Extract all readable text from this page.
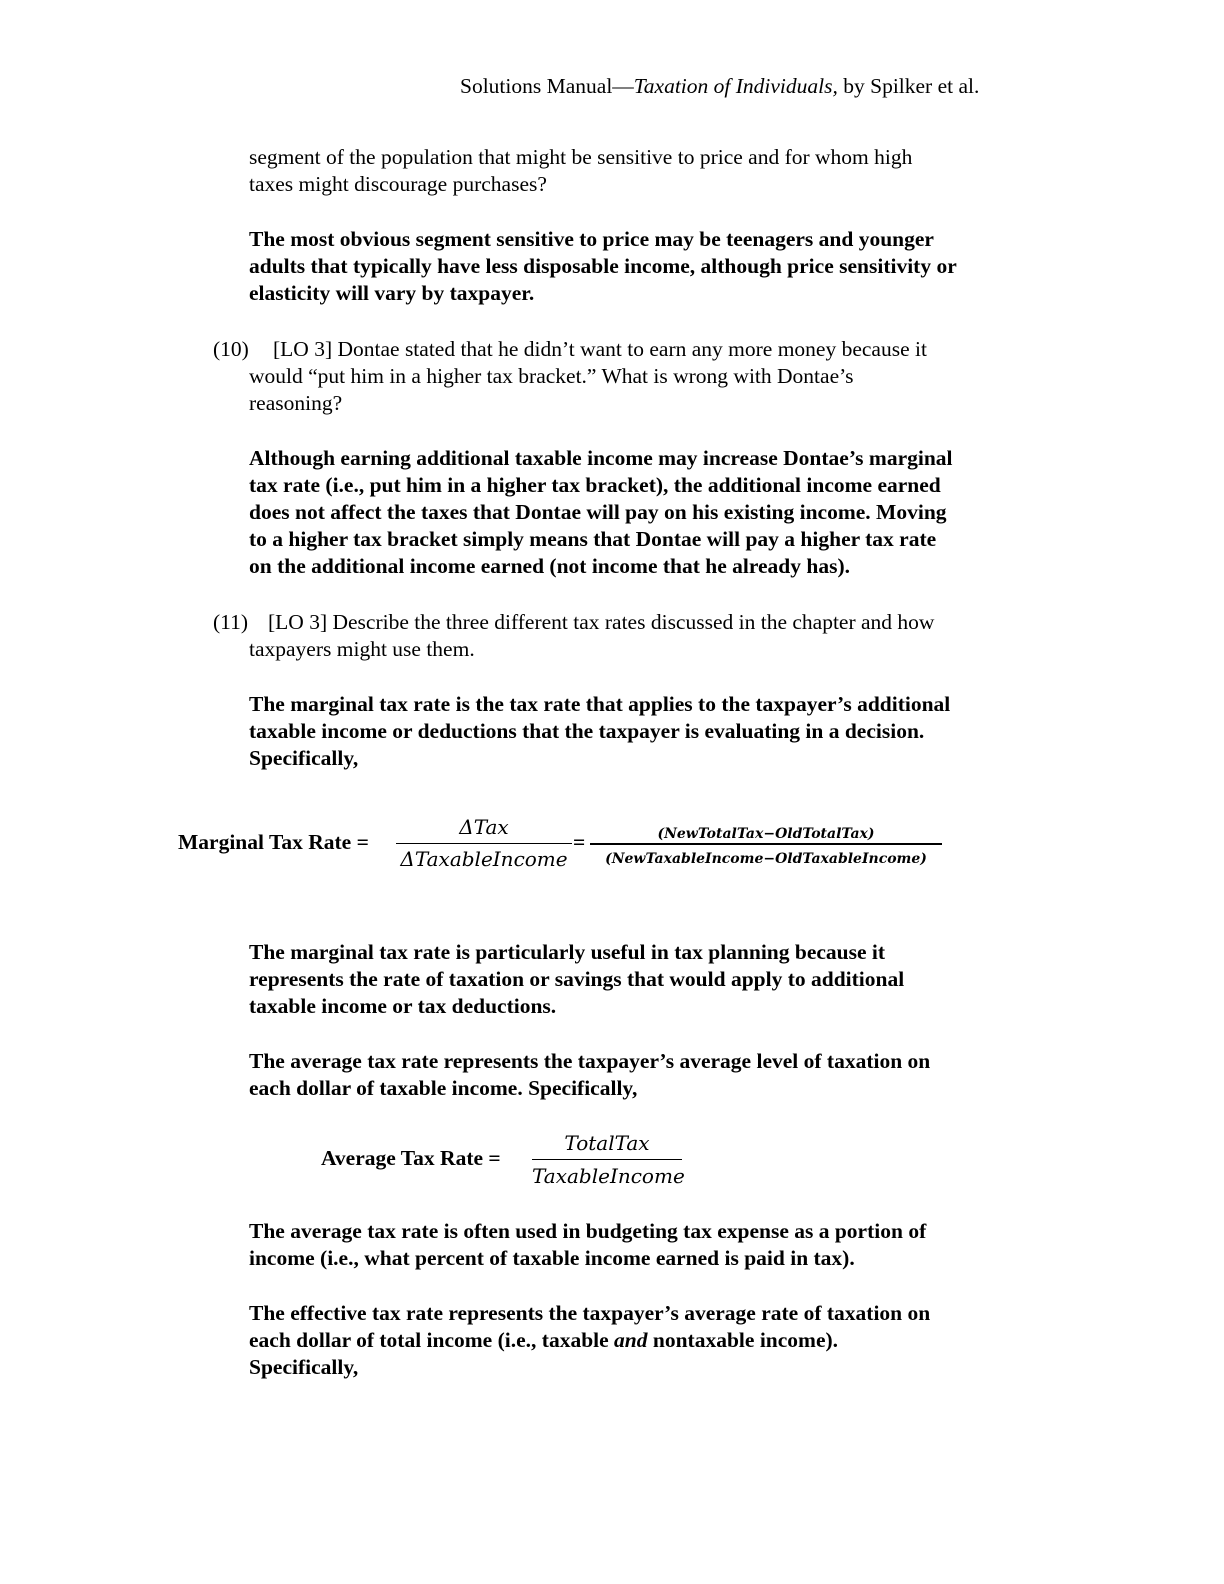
Solutions Manual—Taxation of Individuals, by Spilker et al.
segment of the population that might be sensitive to price and for whom high
taxes might discourage purchases?
The most obvious segment sensitive to price may be teenagers and younger
adults that typically have less disposable income, although price sensitivity or
elasticity will vary by taxpayer.
(10) [LO 3] Dontae stated that he didn’t want to earn any more money because it
would “put him in a higher tax bracket.” What is wrong with Dontae’s
reasoning?
Although earning additional taxable income may increase Dontae’s marginal
tax rate (i.e., put him in a higher tax bracket), the additional income earned
does not affect the taxes that Dontae will pay on his existing income. Moving
to a higher tax bracket simply means that Dontae will pay a higher tax rate
on the additional income earned (not income that he already has).
(11) [LO 3] Describe the three different tax rates discussed in the chapter and how
taxpayers might use them.
The marginal tax rate is the tax rate that applies to the taxpayer’s additional
taxable income or deductions that the taxpayer is evaluating in a decision.
Specifically,
Marginal Tax Rate =
ΔTax
ΔTaxableIncome
=	(NewTotalTax−OldTotalTax)
(NewTaxableIncome−OldTaxableIncome)
The marginal tax rate is particularly useful in tax planning because it
represents the rate of taxation or savings that would apply to additional
taxable income or tax deductions.
The average tax rate represents the taxpayer’s average level of taxation on
each dollar of taxable income. Specifically,
Average Tax Rate =
TotalTax
TaxableIncome
The average tax rate is often used in budgeting tax expense as a portion of
income (i.e., what percent of taxable income earned is paid in tax).
The effective tax rate represents the taxpayer’s average rate of taxation on
each dollar of total income (i.e., taxable and nontaxable income).
Specifically,
